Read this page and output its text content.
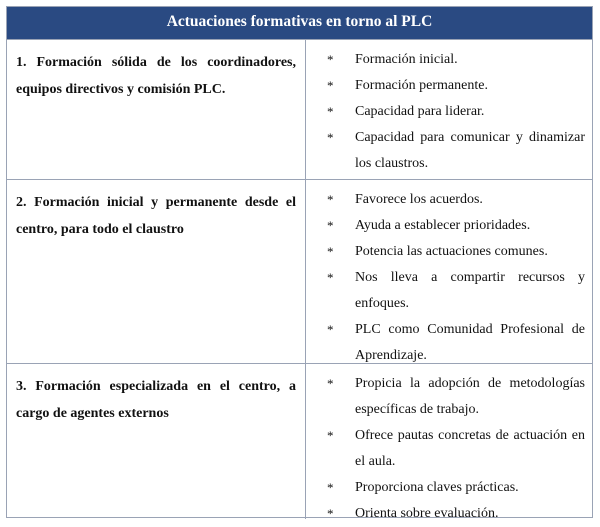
Actuaciones formativas en torno al PLC
1. Formación sólida de los coordinadores, equipos directivos y comisión PLC.
*	Formación inicial.
*	Formación permanente.
*	Capacidad para liderar.
*	Capacidad para comunicar y dinamizar los claustros.
2. Formación inicial y permanente desde el centro, para todo el claustro
*	Favorece los acuerdos.
*	Ayuda a establecer prioridades.
*	Potencia las actuaciones comunes.
*	Nos lleva a compartir recursos y enfoques.
*	PLC como Comunidad Profesional de Aprendizaje.
3. Formación especializada en el centro, a cargo de agentes externos
*	Propicia la adopción de metodologías específicas de trabajo.
*	Ofrece pautas concretas de actuación en el aula.
*	Proporciona claves prácticas.
*	Orienta sobre evaluación.
